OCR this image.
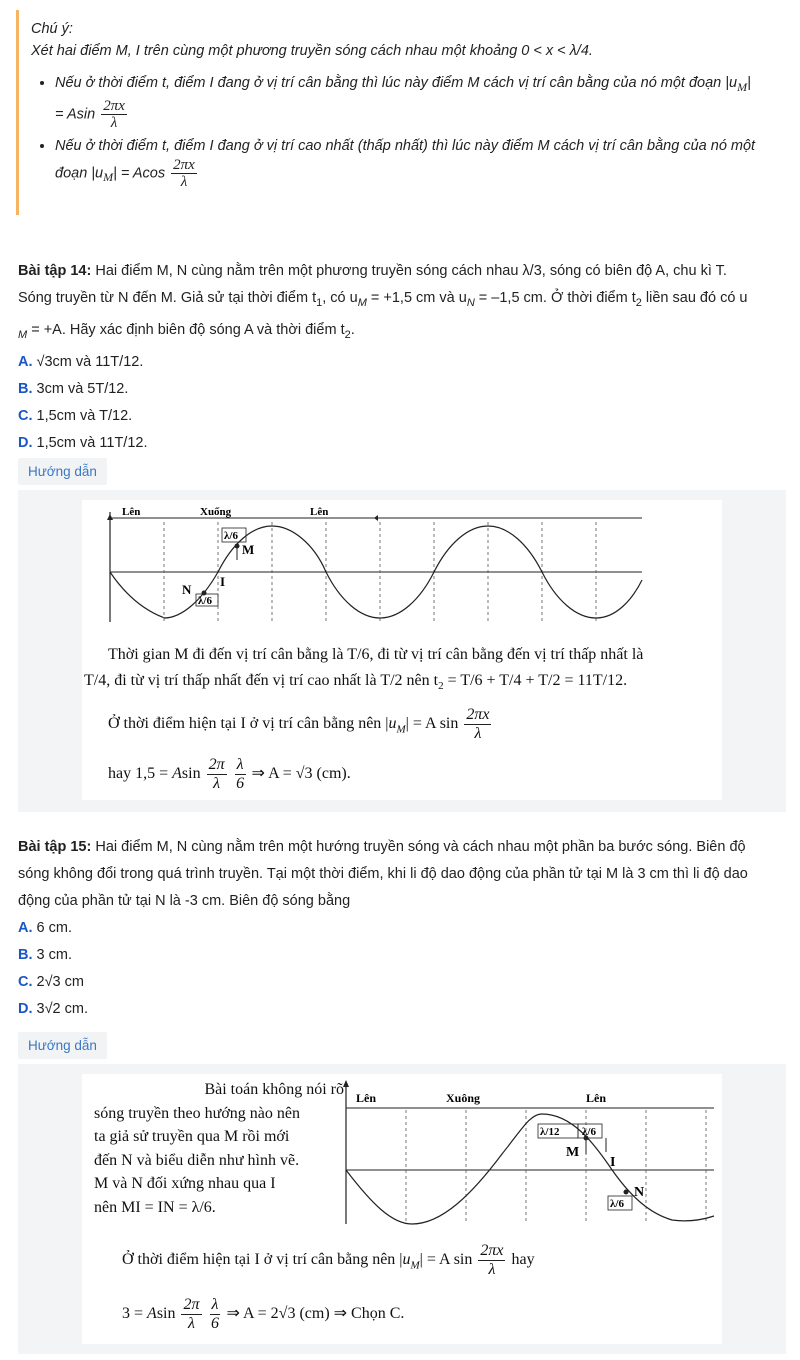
Chú ý:
Xét hai điểm M, I trên cùng một phương truyền sóng cách nhau một khoảng 0 < x < λ/4.
• Nếu ở thời điểm t, điểm I đang ở vị trí cân bằng thì lúc này điểm M cách vị trí cân bằng của nó một đoạn $|u_M|$
= Asin $\frac{2\pi x}{\lambda}$
• Nếu ở thời điểm t, điểm I đang ở vị trí cao nhất (thấp nhất) thì lúc này điểm M cách vị trí cân bằng của nó một
đoạn $|u_M| = Acos \frac{2\pi x}{\lambda}$
Bài tập 14: Hai điểm M, N cùng nằm trên một phương truyền sóng cách nhau λ/3, sóng có biên độ A, chu kì T.
Sóng truyền từ N đến M. Giả sử tại thời điểm $t_1$, có $u_M = +1,5$ cm và $u_N = -1,5$ cm. Ở thời điểm $t_2$ liền sau đó có u
$_M$ = +A. Hãy xác định biên độ sóng A và thời điểm $t_2$.
A. √3cm và 11T/12.
B. 3cm và 5T/12.
C. 1,5cm và T/12.
D. 1,5cm và 11T/12.
Hướng dẫn
Lên	Xuống	Lên
λ/6
M
I
N
λ/6
Thời gian M đi đến vị trí cân bằng là T/6, đi từ vị trí cân bằng đến vị trí thấp nhất là
T/4, đi từ vị trí thấp nhất đến vị trí cao nhất là T/2 nên $t_2 = T/6 + T/4 + T/2 = 11T/12$.
Ở thời điểm hiện tại I ở vị trí cân bằng nên $|u_M| = A$ $\sin \frac{2\pi x}{\lambda}$
hay 1,5 = Asin $\frac{2\pi}{\lambda}$
$\frac{\lambda}{6}$ ⇒ A = √3 (cm).
Bài tập 15: Hai điểm M, N cùng nằm trên một hướng truyền sóng và cách nhau một phần ba bước sóng. Biên độ
sóng không đổi trong quá trình truyền. Tại một thời điểm, khi li độ dao động của phần tử tại M là 3 cm thì li độ dao
động của phần tử tại N là -3 cm. Biên độ sóng bằng
A. 6 cm.
B. 3 cm.
C. 2√3 cm
D. 3√2 cm.
Hướng dẫn
Bài toán không nói rõ
sóng truyền theo hướng nào nên
ta giả sử truyền qua M rồi mới
đến N và biểu diễn như hình vẽ.
M và N đối xứng nhau qua I
nên MI = IN = λ/6.
Lên	Xuông	Lên
λ/12 λ/6
M
I
N
λ/6
Ở thời điểm hiện tại I ở vị trí cân bằng nên $|u_M| = A$ $\sin \frac{2\pi x}{\lambda}$ hay
3 = Asin $\frac{2\pi}{\lambda}$
$\frac{\lambda}{6}$ ⇒ A = 2√3 (cm) ⇒ Chọn C.
